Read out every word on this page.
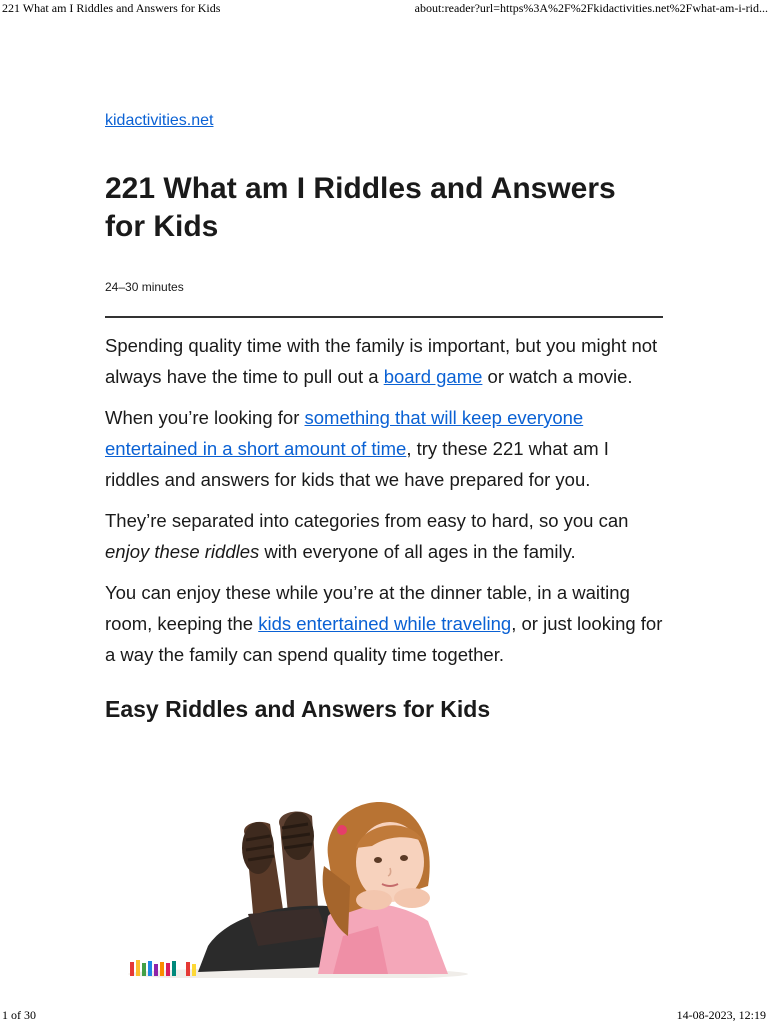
221 What am I Riddles and Answers for Kids	about:reader?url=https%3A%2F%2Fkidactivities.net%2Fwhat-am-i-rid...
kidactivities.net
221 What am I Riddles and Answers for Kids
24–30 minutes

Spending quality time with the family is important, but you might not always have the time to pull out a board game or watch a movie.

When you’re looking for something that will keep everyone entertained in a short amount of time, try these 221 what am I riddles and answers for kids that we have prepared for you.

They’re separated into categories from easy to hard, so you can enjoy these riddles with everyone of all ages in the family.

You can enjoy these while you’re at the dinner table, in a waiting room, keeping the kids entertained while traveling, or just looking for a way the family can spend quality time together.

Easy Riddles and Answers for Kids
1 of 30	14-08-2023, 12:19
